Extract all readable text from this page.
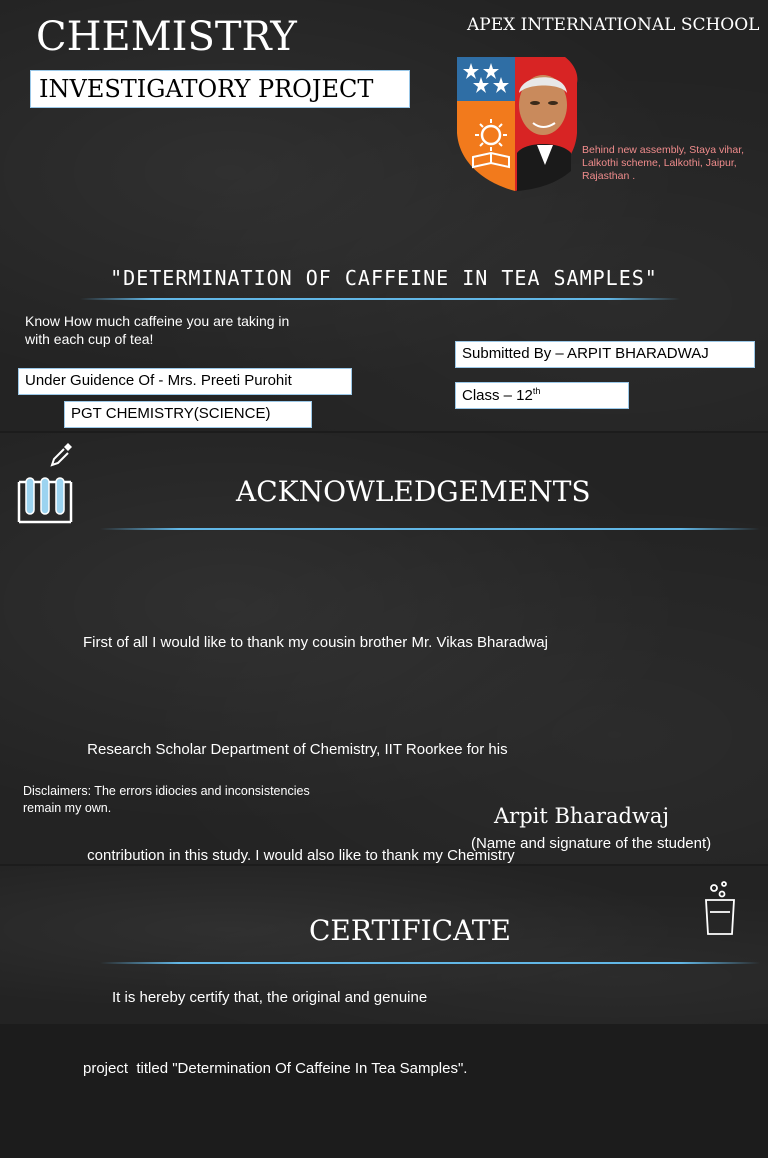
CHEMISTRY
INVESTIGATORY PROJECT
APEX INTERNATIONAL SCHOOL
Behind new assembly, Staya vihar,
Lalkothi scheme, Lalkothi, Jaipur,
Rajasthan .
"DETERMINATION OF CAFFEINE IN TEA SAMPLES"
Know How much caffeine you are taking in
with each cup of tea!
Submitted By – ARPIT BHARADWAJ
Class – 12th
Under Guidence Of - Mrs. Preeti Purohit
PGT CHEMISTRY(SCIENCE)
ACKNOWLEDGEMENTS

First of all I would like to thank my cousin brother Mr. Vikas Bharadwaj

Research Scholar Department of Chemistry, IIT Roorkee for his

contribution in this study. I would also like to thank my Chemistry

project  titled "Determination Of Caffeine In Tea Samples".

Disclaimers: The errors idiocies and inconsistencies
remain my own.	Arpit Bharadwaj
(Name and signature of the student)
CERTIFICATE
It is hereby certify that, the original and genuine
